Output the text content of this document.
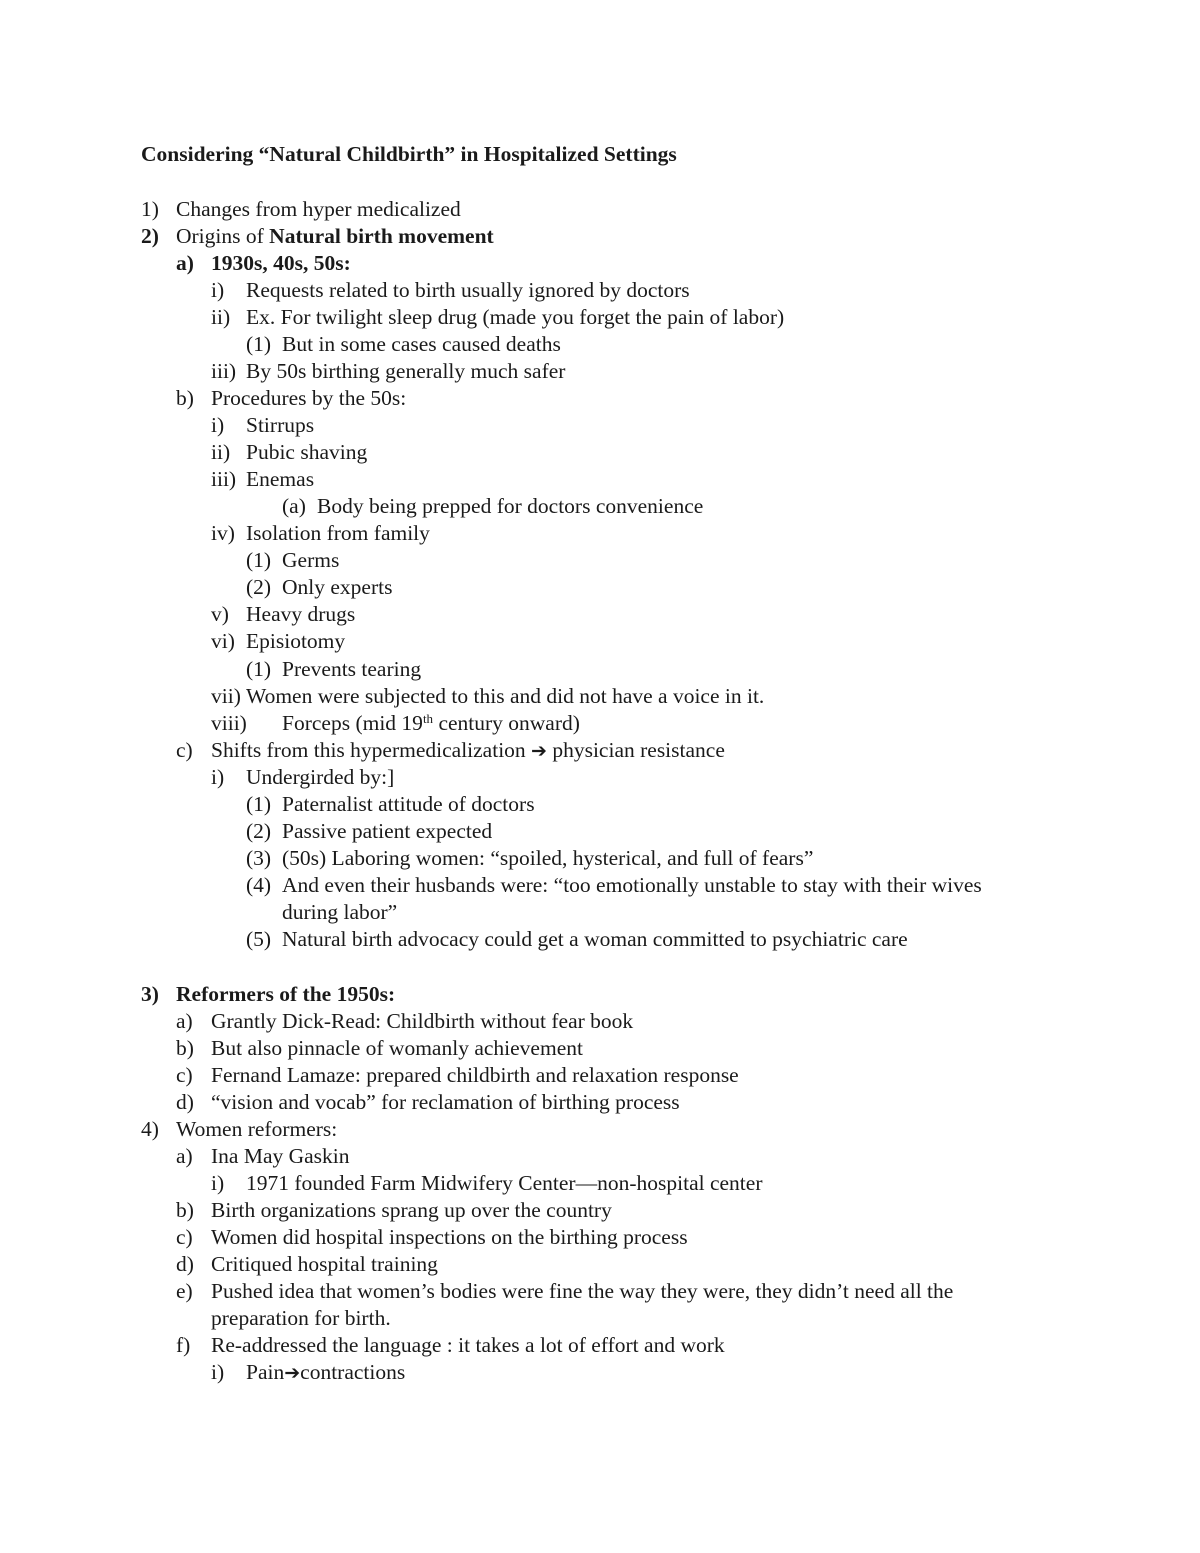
Considering “Natural Childbirth” in Hospitalized Settings
1) Changes from hyper medicalized
2) Origins of Natural birth movement
a) 1930s, 40s, 50s:
i) Requests related to birth usually ignored by doctors
ii) Ex. For twilight sleep drug (made you forget the pain of labor)
(1) But in some cases caused deaths
iii) By 50s birthing generally much safer
b) Procedures by the 50s:
i) Stirrups
ii) Pubic shaving
iii) Enemas
(a) Body being prepped for doctors convenience
iv) Isolation from family
(1) Germs
(2) Only experts
v) Heavy drugs
vi) Episiotomy
(1) Prevents tearing
vii) Women were subjected to this and did not have a voice in it.
viii) Forceps (mid 19th century onward)
c) Shifts from this hypermedicalization ➔ physician resistance
i) Undergirded by:]
(1) Paternalist attitude of doctors
(2) Passive patient expected
(3) (50s) Laboring women: “spoiled, hysterical, and full of fears”
(4) And even their husbands were: “too emotionally unstable to stay with their wives
during labor”
(5) Natural birth advocacy could get a woman committed to psychiatric care
3) Reformers of the 1950s:
a) Grantly Dick-Read: Childbirth without fear book
b) But also pinnacle of womanly achievement
c) Fernand Lamaze: prepared childbirth and relaxation response
d) “vision and vocab” for reclamation of birthing process
4) Women reformers:
a) Ina May Gaskin
i) 1971 founded Farm Midwifery Center—non-hospital center
b) Birth organizations sprang up over the country
c) Women did hospital inspections on the birthing process
d) Critiqued hospital training
e) Pushed idea that women’s bodies were fine the way they were, they didn’t need all the
preparation for birth.
f) Re-addressed the language : it takes a lot of effort and work
i) Pain➔contractions
